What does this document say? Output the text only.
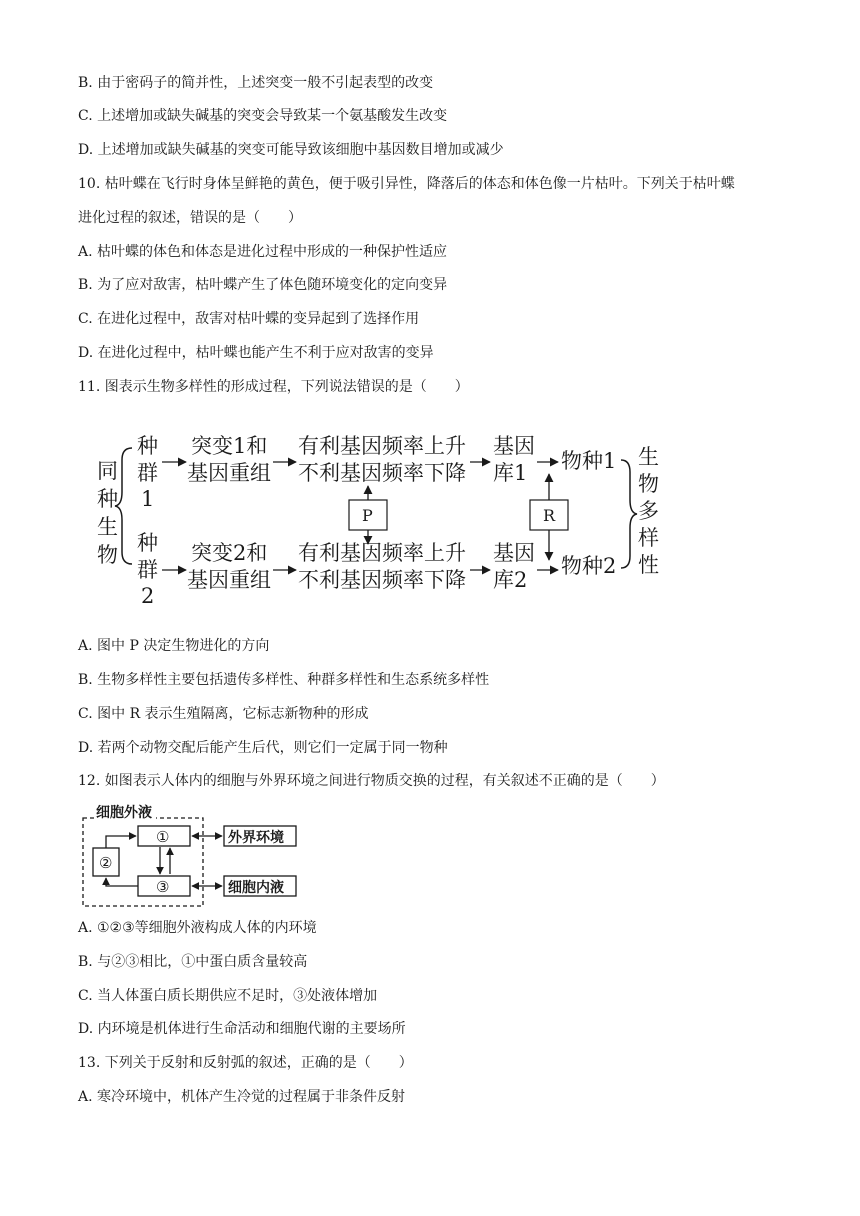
B. 由于密码子的简并性，上述突变一般不引起表型的改变
C. 上述增加或缺失碱基的突变会导致某一个氨基酸发生改变
D. 上述增加或缺失碱基的突变可能导致该细胞中基因数目增加或减少
10. 枯叶蝶在飞行时身体呈鲜艳的黄色，便于吸引异性，降落后的体态和体色像一片枯叶。下列关于枯叶蝶
进化过程的叙述，错误的是（　　）
A. 枯叶蝶的体色和体态是进化过程中形成的一种保护性适应
B. 为了应对敌害，枯叶蝶产生了体色随环境变化的定向变异
C. 在进化过程中，敌害对枯叶蝶的变异起到了选择作用
D. 在进化过程中，枯叶蝶也能产生不利于应对敌害的变异
11. 图表示生物多样性的形成过程，下列说法错误的是（　　）
同
种
生
物
种
群
1
种
群
2
突变1和
基因重组
突变2和
基因重组
有利基因频率上升
不利基因频率下降
有利基因频率上升
不利基因频率下降
基因
库1
基因
库2
物种1
物种2
生
物
多
样
性
P	R
A. 图中 P 决定生物进化的方向
B. 生物多样性主要包括遗传多样性、种群多样性和生态系统多样性
C. 图中 R 表示生殖隔离，它标志新物种的形成
D. 若两个动物交配后能产生后代，则它们一定属于同一物种
12. 如图表示人体内的细胞与外界环境之间进行物质交换的过程，有关叙述不正确的是（　　）
细胞外液
①
②
③
外界环境
细胞内液
A. ①②③等细胞外液构成人体的内环境
B. 与②③相比，①中蛋白质含量较高
C. 当人体蛋白质长期供应不足时，③处液体增加
D. 内环境是机体进行生命活动和细胞代谢的主要场所
13. 下列关于反射和反射弧的叙述，正确的是（　　）
A. 寒冷环境中，机体产生冷觉的过程属于非条件反射
